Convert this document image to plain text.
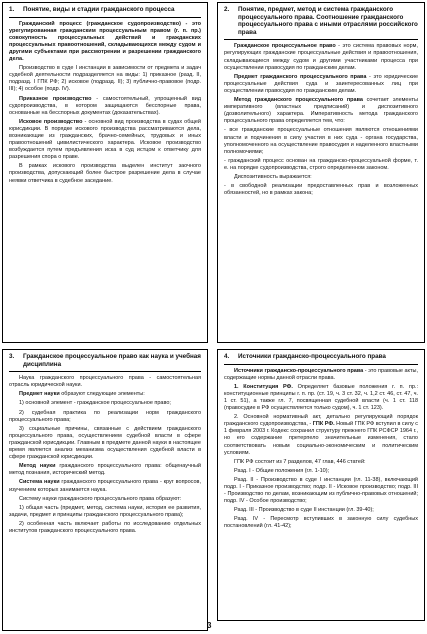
1.	Понятие, виды и стадии гражданского процесса

Гражданский процесс (гражданское судопроизводство) - это урегулированная гражданским процессуальным правом (г. п. пр.) совокупность процессуальных действий и гражданских процессуальных правоотношений, складывающихся между судом и другими субъектами при рассмотрении и разрешении гражданского дела.

Производство в суде I инстанции в зависимости от предмета и задач судебной деятельности подразделяется на виды: 1) приказное (разд. II, подразд. I ГПК РФ; 2) исковое (подразд. II); 3) публично-правовое (подр. III); 4) особое (подр. IV).

Приказное производство - самостоятельный, упрощенный вид судопроизводства, в котором защищаются бесспорные права, основанные на бесспорных документах (доказательствах).

Исковое производство - основной вид производства в судах общей юрисдикции. В порядке искового производства рассматриваются дела, возникающие из гражданских, брачно-семейных, трудовых и иных правоотношений цивилистического характера. Исковое производство возбуждается путем предъявления иска в суд истцом к ответчику для разрешения спора о праве.

В рамках искового производства выделен институт заочного производства, допускающий более быстрое разрешение дела в случае неявки ответчика в судебное заседание.

2.	Понятие, предмет, метод и система гражданского процессуального права. Соотношение гражданского процессуального права с иными отраслями российского права

Гражданское процессуальное право - это система правовых норм, регулирующих гражданские процессуальные действия и правоотношения, складывающиеся между судом и другими участниками процесса при осуществлении правосудия по гражданским делам.

Предмет гражданского процессуального права - это юридические процессуальные действия суда и заинтересованных лиц при осуществлении правосудия по гражданским делам.

Метод гражданского процессуального права сочетает элементы императивного (властных предписаний) и диспозитивного (дозволительного) характера. Императивность метода гражданского процессуального права определяется тем, что:

- все гражданские процессуальные отношения являются отношениями власти и подчинения в силу участия в них суда - органа государства, уполномоченного на осуществление правосудия и наделенного властными полномочиями;

- гражданский процесс основан на гражданско-процессуальной форме, т. е. на порядке судопроизводства, строго определенном законом.

Диспозитивность выражается:

- в свободной реализации предоставленных прав и возложенных обязанностей, но в рамках закона;

3.	Гражданское процессуальное право как наука и учебная дисциплина

Наука гражданского процессуального права - самостоятельная отрасль юридической науки.

Предмет науки образуют следующие элементы:

1) основной элемент - гражданское процессуальное право;

2) судебная практика по реализации норм гражданского процессуального права;

3) социальные причины, связанные с действием гражданского процессуального права, осуществлением судебной власти в сфере гражданской юрисдикции. Главным в предмете данной науки в настоящее время является анализ механизма осуществления судебной власти в сфере гражданской юрисдикции.

Метод науки гражданского процессуального права: общенаучный метод познания, исторический метод.

Система науки гражданского процессуального права - круг вопросов, изучением которых занимается наука.

Систему науки гражданского процессуального права образуют:

1) общая часть (предмет, метод, система науки, история ее развития, задачи, предмет и принципы гражданского процессуального права);

2) особенная часть включает работы по исследованию отдельных институтов гражданского процессуального права.

4.	Источники гражданско-процессуального права

Источники гражданско-процессуального права - это правовые акты, содержащие нормы данной отрасли права.

1. Конституция РФ. Определяет базовые положения г. п. пр.: конституционные принципы г. п. пр. (ст. 19, ч. 3 ст. 32, ч. 1,2 ст. 46, ст. 47, ч. 1 ст. 51), а также гл. 7, посвященная судебной власти (ч. 1 ст. 118 (правосудие в РФ осуществляется только судом), ч. 1 ст. 123).

2. Основной нормативный акт, детально регулирующий порядок гражданского судопроизводства, - ГПК РФ. Новый ГПК РФ вступил в силу с 1 февраля 2003 г. Кодекс сохранил структуру прежнего ГПК РСФСР 1964 г., но его содержание претерпело значительные изменения, стало соответствовать новым социально-экономическим и политическим условиям.

ГПК РФ состоит из 7 разделов, 47 глав, 446 статей:

Разд. I - Общие положения (гл. 1-10);

Разд. II - Производство в суде I инстанции (гл. 11-38), включающий подр. I - Приказное производство; подр. II - Исковое производство; подр. III - Производство по делам, возникающим из публично-правовых отношений; подр. IV - Особое производство;

Разд. III - Производство в суде II инстанции (гл. 39-40);

Разд. IV - Пересмотр вступивших в законную силу судебных постановлений (гл. 41-42);

3
